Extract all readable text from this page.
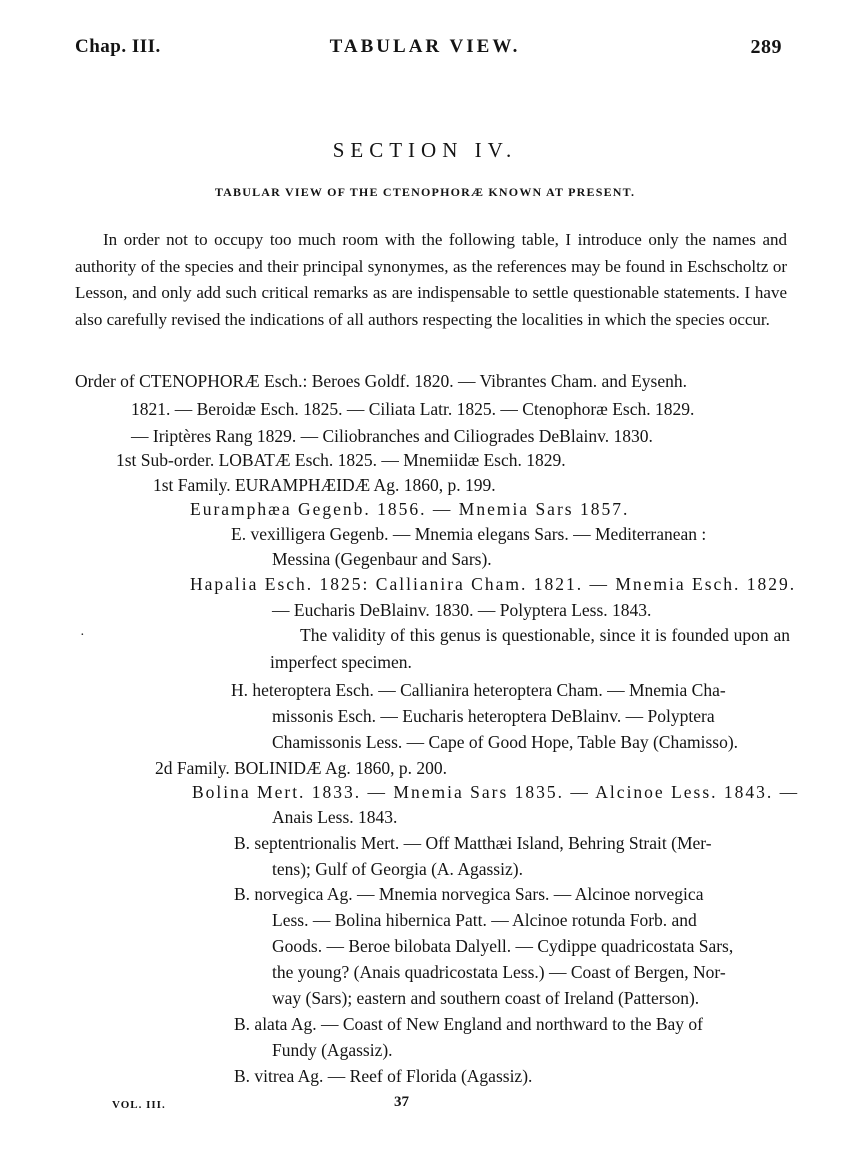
Chap. III.	TABULAR VIEW.	289
SECTION IV.
TABULAR VIEW OF THE CTENOPHORÆ KNOWN AT PRESENT.

In order not to occupy too much room with the following table, I introduce only the names and authority of the species and their principal synonymes, as the references may be found in Eschscholtz or Lesson, and only add such critical remarks as are indispensable to settle questionable statements. I have also carefully revised the indications of all authors respecting the localities in which the species occur.

·
Order of CTENOPHORÆ Esch.: Beroes Goldf. 1820. — Vibrantes Cham. and Eysenh.
1821. — Beroidæ Esch. 1825. — Ciliata Latr. 1825. — Ctenophoræ Esch. 1829.
— Iriptères Rang 1829. — Ciliobranches and Ciliogrades DeBlainv. 1830.
1st Sub-order. LOBATÆ Esch. 1825. — Mnemiidæ Esch. 1829.
1st Family. EURAMPHÆIDÆ Ag. 1860, p. 199.
Euramphæa Gegenb. 1856. — Mnemia Sars 1857.
E. vexilligera Gegenb. — Mnemia elegans Sars. — Mediterranean :
Messina (Gegenbaur and Sars).
Hapalia Esch. 1825: Callianira Cham. 1821. — Mnemia Esch. 1829.
— Eucharis DeBlainv. 1830. — Polyptera Less. 1843.

The validity of this genus is questionable, since it is founded upon an imperfect specimen.

H. heteroptera Esch. — Callianira heteroptera Cham. — Mnemia Cha-
missonis Esch. — Eucharis heteroptera DeBlainv. — Polyptera
Chamissonis Less. — Cape of Good Hope, Table Bay (Chamisso).
2d Family. BOLINIDÆ Ag. 1860, p. 200.
Bolina Mert. 1833. — Mnemia Sars 1835. — Alcinoe Less. 1843. —
Anais Less. 1843.
B. septentrionalis Mert. — Off Matthæi Island, Behring Strait (Mer-
tens); Gulf of Georgia (A. Agassiz).
B. norvegica Ag. — Mnemia norvegica Sars. — Alcinoe norvegica
Less. — Bolina hibernica Patt. — Alcinoe rotunda Forb. and
Goods. — Beroe bilobata Dalyell. — Cydippe quadricostata Sars,
the young? (Anais quadricostata Less.) — Coast of Bergen, Nor-
way (Sars); eastern and southern coast of Ireland (Patterson).
B. alata Ag. — Coast of New England and northward to the Bay of
Fundy (Agassiz).
B. vitrea Ag. — Reef of Florida (Agassiz).
VOL. III.	37
